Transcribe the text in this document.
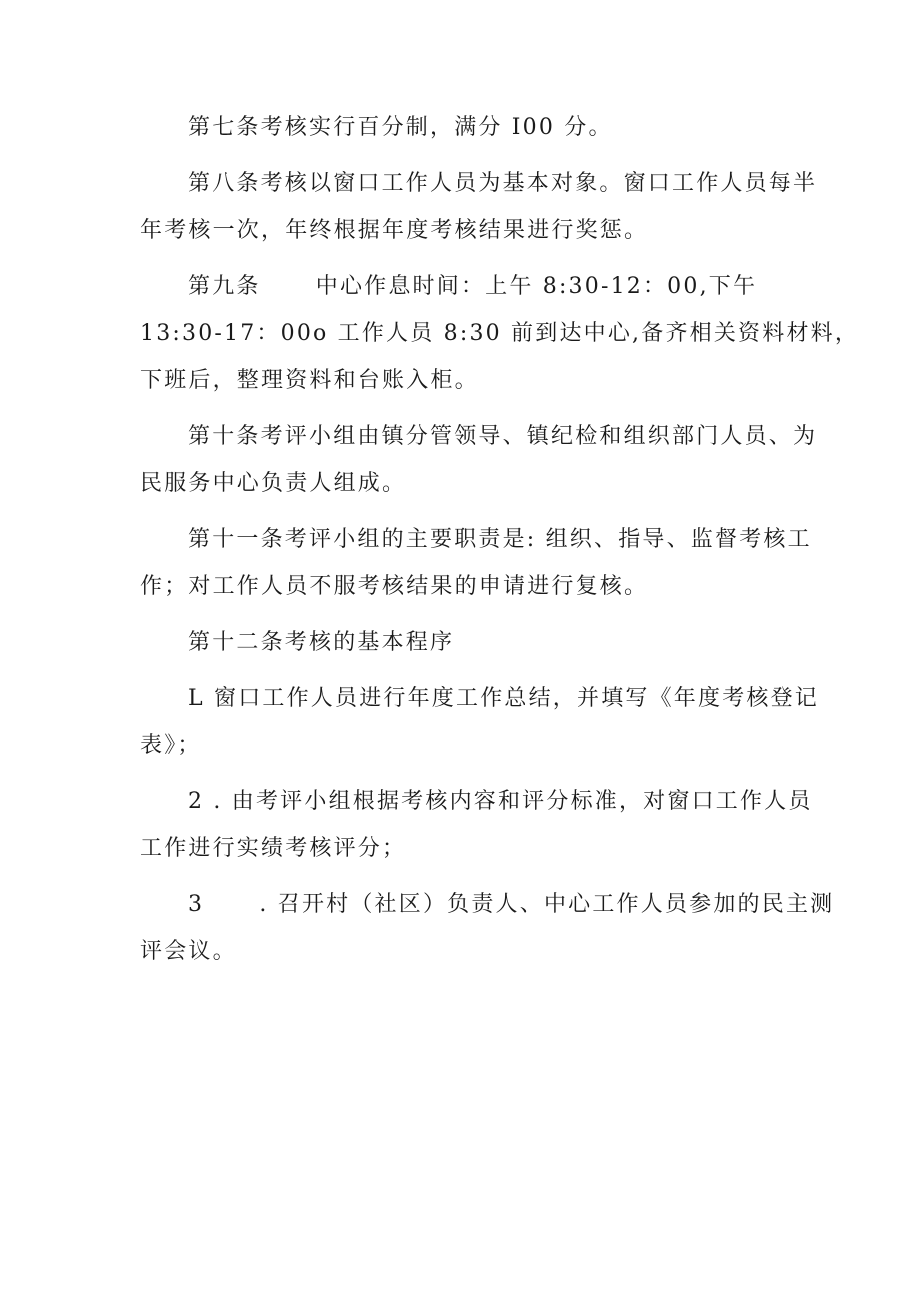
第七条考核实行百分制，满分 I00 分。

第八条考核以窗口工作人员为基本对象。窗口工作人员每半
年考核一次，年终根据年度考核结果进行奖惩。

第九条      中心作息时间：上午 8:30-12：00,下午
13:30-17：00o 工作人员 8:30 前到达中心,备齐相关资料材料，
下班后，整理资料和台账入柜。

第十条考评小组由镇分管领导、镇纪检和组织部门人员、为
民服务中心负责人组成。

第十一条考评小组的主要职责是: 组织、指导、监督考核工
作；对工作人员不服考核结果的申请进行复核。

第十二条考核的基本程序

L 窗口工作人员进行年度工作总结，并填写《年度考核登记
表》；

2 . 由考评小组根据考核内容和评分标准，对窗口工作人员
工作进行实绩考核评分；

3      . 召开村（社区）负责人、中心工作人员参加的民主测
评会议。
